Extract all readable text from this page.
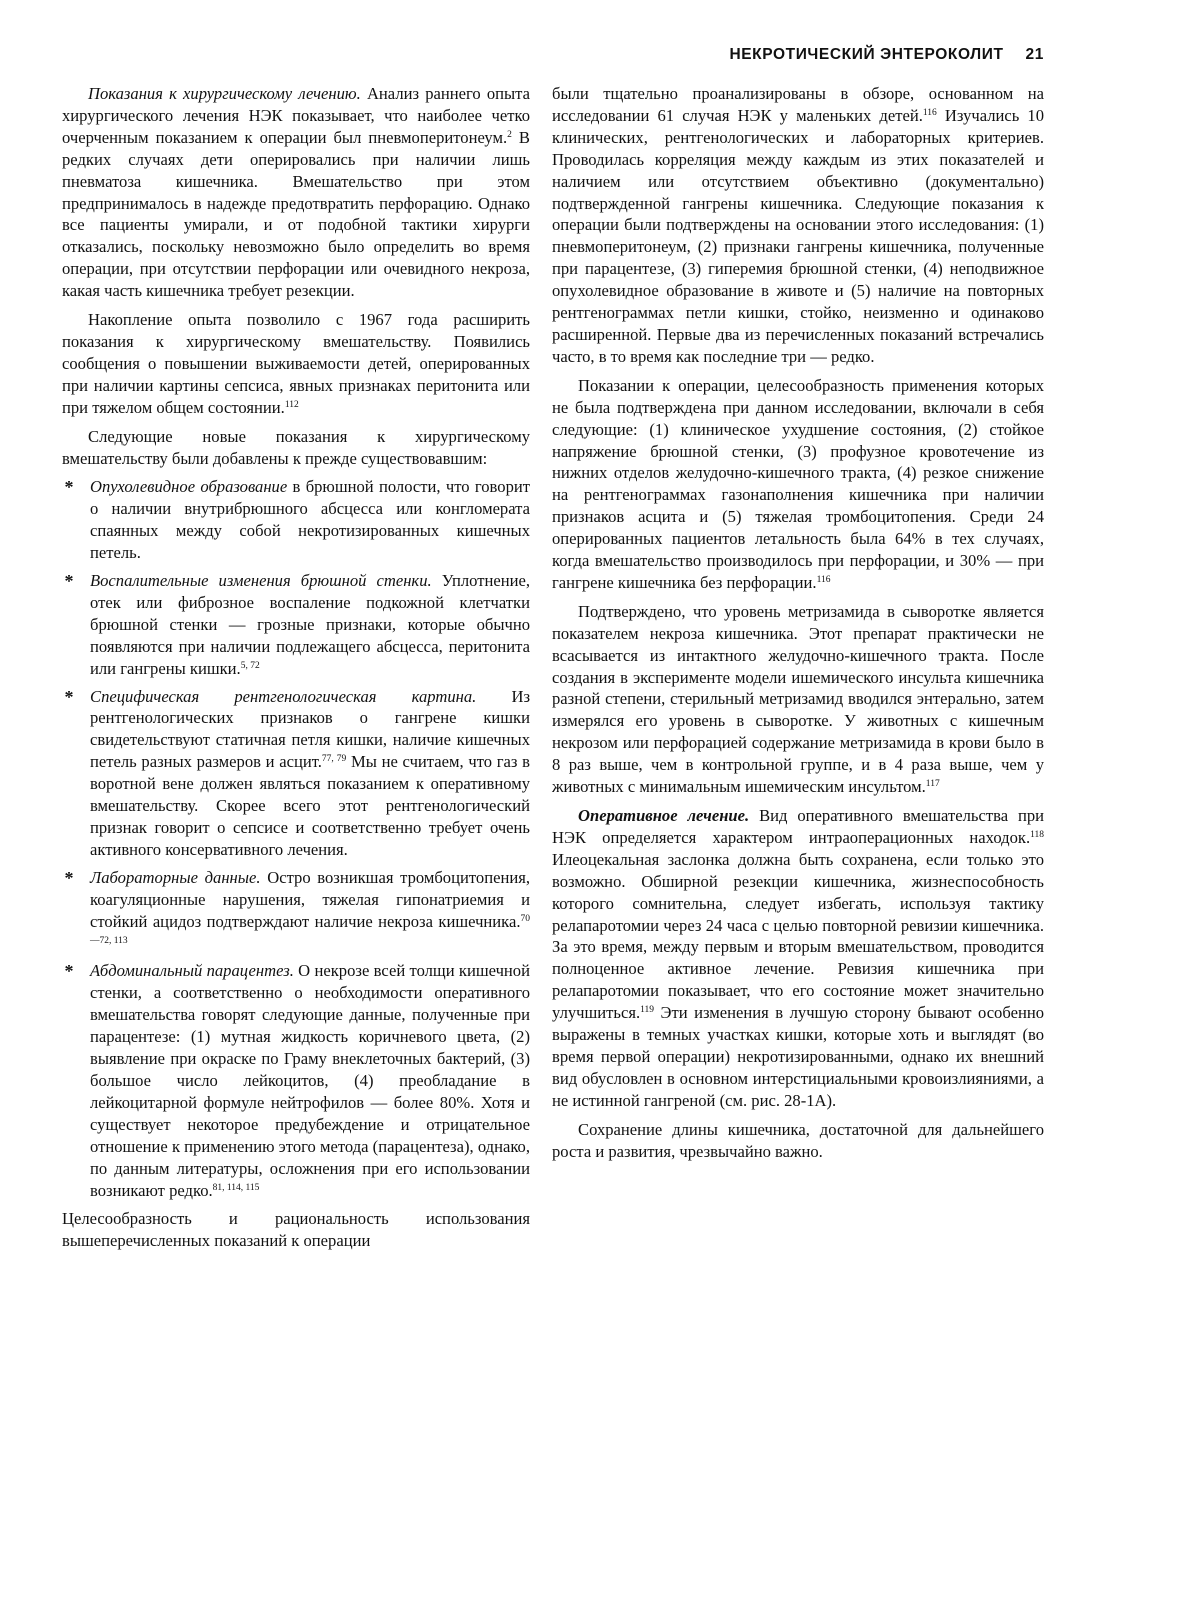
НЕКРОТИЧЕСКИЙ ЭНТЕРОКОЛИТ 21

Показания к хирургическому лечению. Анализ раннего опыта хирургического лечения НЭК показывает, что наиболее четко очерченным показанием к операции был пневмоперитонеум.$^2$ В редких случаях дети оперировались при наличии лишь пневматоза кишечника. Вмешательство при этом предпринималось в надежде предотвратить перфорацию. Однако все пациенты умирали, и от подобной тактики хирурги отказались, поскольку невозможно было определить во время операции, при отсутствии перфорации или очевидного некроза, какая часть кишечника требует резекции.

Накопление опыта позволило с 1967 года расширить показания к хирургическому вмешательству. Появились сообщения о повышении выживаемости детей, оперированных при наличии картины сепсиса, явных признаках перитонита или при тяжелом общем состоянии.$^{112}$

Следующие новые показания к хирургическому вмешательству были добавлены к прежде существовавшим:

* Опухолевидное образование в брюшной полости, что говорит о наличии внутрибрюшного абсцесса или конгломерата спаянных между собой некротизированных кишечных петель.
* Воспалительные изменения брюшной стенки. Уплотнение, отек или фиброзное воспаление подкожной клетчатки брюшной стенки — грозные признаки, которые обычно появляются при наличии подлежащего абсцесса, перитонита или гангрены кишки.$^{5, 72}$
* Специфическая рентгенологическая картина. Из рентгенологических признаков о гангрене кишки свидетельствуют статичная петля кишки, наличие кишечных петель разных размеров и асцит.$^{77, 79}$ Мы не считаем, что газ в воротной вене должен являться показанием к оперативному вмешательству. Скорее всего этот рентгенологический признак говорит о сепсисе и соответственно требует очень активного консервативного лечения.
* Лабораторные данные. Остро возникшая тромбоцитопения, коагуляционные нарушения, тяжелая гипонатриемия и стойкий ацидоз подтверждают наличие некроза кишечника.$^{70—72, 113}$
* Абдоминальный парацентез. О некрозе всей толщи кишечной стенки, а соответственно о необходимости оперативного вмешательства говорят следующие данные, полученные при парацентезе: (1) мутная жидкость коричневого цвета, (2) выявление при окраске по Граму внеклеточных бактерий, (3) большое число лейкоцитов, (4) преобладание в лейкоцитарной формуле нейтрофилов — более 80%. Хотя и существует некоторое предубеждение и отрицательное отношение к применению этого метода (парацентеза), однако, по данным литературы, осложнения при его использовании возникают редко.$^{81, 114, 115}$

Целесообразность и рациональность использования вышеперечисленных показаний к операции

были тщательно проанализированы в обзоре, основанном на исследовании 61 случая НЭК у маленьких детей.$^{116}$ Изучались 10 клинических, рентгенологических и лабораторных критериев. Проводилась корреляция между каждым из этих показателей и наличием или отсутствием объективно (документально) подтвержденной гангрены кишечника. Следующие показания к операции были подтверждены на основании этого исследования: (1) пневмоперитонеум, (2) признаки гангрены кишечника, полученные при парацентезе, (3) гиперемия брюшной стенки, (4) неподвижное опухолевидное образование в животе и (5) наличие на повторных рентгенограммах петли кишки, стойко, неизменно и одинаково расширенной. Первые два из перечисленных показаний встречались часто, в то время как последние три — редко.

Показании к операции, целесообразность применения которых не была подтверждена при данном исследовании, включали в себя следующие: (1) клиническое ухудшение состояния, (2) стойкое напряжение брюшной стенки, (3) профузное кровотечение из нижних отделов желудочно-кишечного тракта, (4) резкое снижение на рентгенограммах газонаполнения кишечника при наличии признаков асцита и (5) тяжелая тромбоцитопения. Среди 24 оперированных пациентов летальность была 64% в тех случаях, когда вмешательство производилось при перфорации, и 30% — при гангрене кишечника без перфорации.$^{116}$

Подтверждено, что уровень метризамида в сыворотке является показателем некроза кишечника. Этот препарат практически не всасывается из интактного желудочно-кишечного тракта. После создания в эксперименте модели ишемического инсульта кишечника разной степени, стерильный метризамид вводился энтерально, затем измерялся его уровень в сыворотке. У животных с кишечным некрозом или перфорацией содержание метризамида в крови было в 8 раз выше, чем в контрольной группе, и в 4 раза выше, чем у животных с минимальным ишемическим инсультом.$^{117}$

Оперативное лечение. Вид оперативного вмешательства при НЭК определяется характером интраоперационных находок.$^{118}$ Илеоцекальная заслонка должна быть сохранена, если только это возможно. Обширной резекции кишечника, жизнеспособность которого сомнительна, следует избегать, используя тактику релапаротомии через 24 часа с целью повторной ревизии кишечника. За это время, между первым и вторым вмешательством, проводится полноценное активное лечение. Ревизия кишечника при релапаротомии показывает, что его состояние может значительно улучшиться.$^{119}$ Эти изменения в лучшую сторону бывают особенно выражены в темных участках кишки, которые хоть и выглядят (во время первой операции) некротизированными, однако их внешний вид обусловлен в основном интерстициальными кровоизлияниями, а не истинной гангреной (см. рис. 28-1А).

Сохранение длины кишечника, достаточной для дальнейшего роста и развития, чрезвычайно важно.
